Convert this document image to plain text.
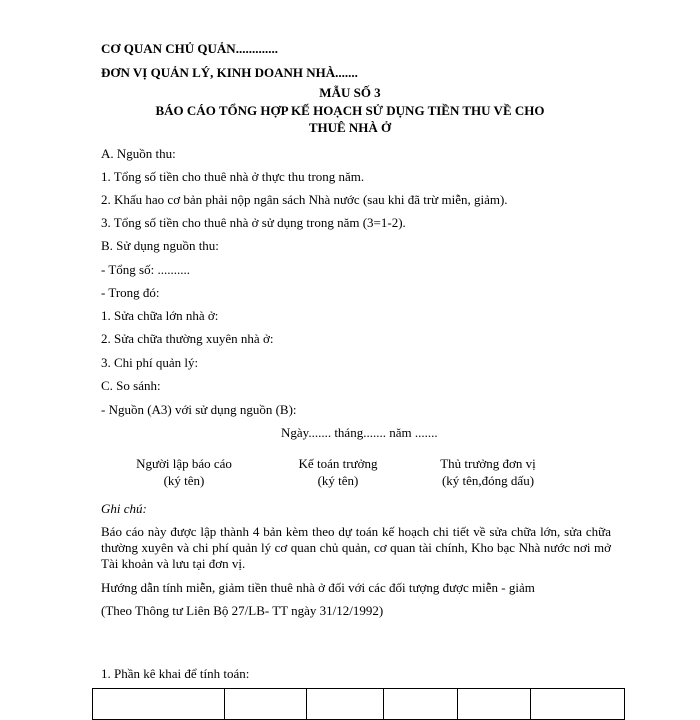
CƠ QUAN CHỦ QUẢN.............
ĐƠN VỊ QUẢN LÝ, KINH DOANH NHÀ.......
MẪU SỐ 3
BÁO CÁO TỔNG HỢP KẾ HOẠCH SỬ DỤNG TIỀN THU VỀ CHO
THUÊ NHÀ Ở
A. Nguồn thu:
1. Tổng số tiền cho thuê nhà ở thực thu trong năm.
2. Khấu hao cơ bản phải nộp ngân sách Nhà nước (sau khi đã trừ miễn, giảm).
3. Tổng số tiền cho thuê nhà ở sử dụng trong năm (3=1-2).
B. Sử dụng nguồn thu:
- Tổng số: ..........
- Trong đó:
1. Sửa chữa lớn nhà ở:
2. Sửa chữa thường xuyên nhà ở:
3. Chi phí quản lý:
C. So sánh:
- Nguồn (A3) với sử dụng nguồn (B):
Ngày....... tháng....... năm .......
Người lập báo cáo
(ký tên)
Kế toán trưởng
(ký tên)
Thủ trưởng đơn vị
(ký tên,đóng dấu)
Ghi chú:
Báo cáo này được lập thành 4 bản kèm theo dự toán kế hoạch chi tiết về sửa chữa lớn, sửa chữa thường xuyên và chi phí quản lý cơ quan chủ quản, cơ quan tài chính, Kho bạc Nhà nước nơi mở Tài khoản và lưu tại đơn vị.
Hướng dẫn tính miễn, giảm tiền thuê nhà ở đối với các đối tượng được miễn - giảm
(Theo Thông tư Liên Bộ 27/LB- TT ngày 31/12/1992)
1. Phần kê khai để tính toán:
